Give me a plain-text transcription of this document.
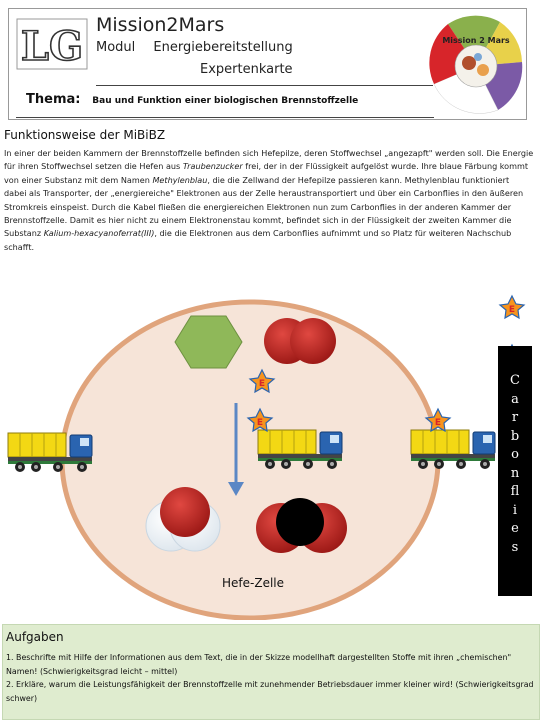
LG Mission2Mars
Modul Energiebereitstellung
Expertenkarte
Thema: Bau und Funktion einer biologischen Brennstoffzelle
Mission 2 Mars
Funktionsweise der MiBiBZ
In einer der beiden Kammern der Brennstoffzelle befinden sich Hefepilze, deren Stoffwechsel „angezapft" werden soll. Die Energie für ihren Stoffwechsel setzen die Hefen aus Traubenzucker frei, der in der Flüssigkeit aufgelöst wurde. Ihre blaue Färbung kommt von einer Substanz mit dem Namen Methylenblau, die die Zellwand der Hefepilze passieren kann. Methylenblau funktioniert dabei als Transporter, der „energiereiche" Elektronen aus der Zelle heraustransportiert und über ein Carbonflies in den äußeren Stromkreis einspeist. Durch die Kabel fließen die energiereichen Elektronen nun zum Carbonflies in der anderen Kammer der Brennstoffzelle. Damit es hier nicht zu einem Elektronenstau kommt, befindet sich in der Flüssigkeit der zweiten Kammer die Substanz Kalium-hexacyanoferrat(III), die die Elektronen aus dem Carbonflies aufnimmt und so Platz für weiteren Nachschub schafft.
E
E
E	E
C
a
r
b
o
n
fl
i
e
s
Hefe-Zelle
Aufgaben

1. Beschrifte mit Hilfe der Informationen aus dem Text, die in der Skizze modellhaft dargestellten Stoffe mit ihren „chemischen" Namen! (Schwierigkeitsgrad leicht – mittel)

2. Erkläre, warum die Leistungsfähigkeit der Brennstoffzelle mit zunehmender Betriebsdauer immer kleiner wird! (Schwierigkeitsgrad schwer)
